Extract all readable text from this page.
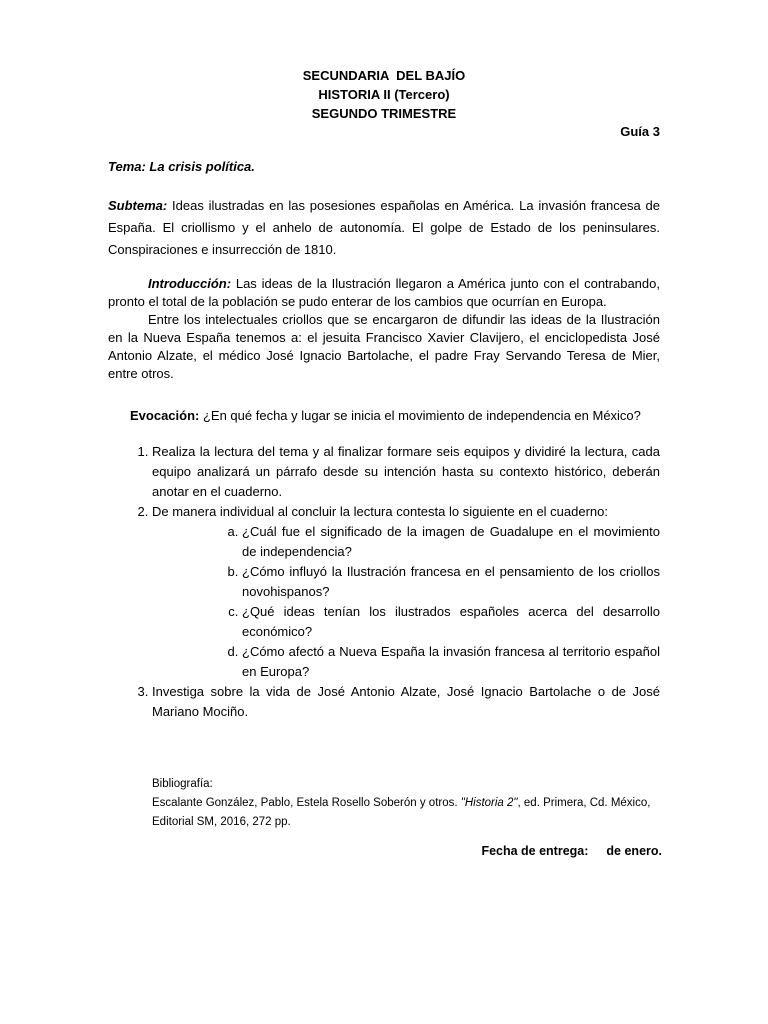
SECUNDARIA  DEL BAJÍO
HISTORIA II (Tercero)
SEGUNDO TRIMESTRE
Guía 3
Tema: La crisis política.
Subtema: Ideas ilustradas en las posesiones españolas en América. La invasión francesa de España. El criollismo y el anhelo de autonomía. El golpe de Estado de los peninsulares. Conspiraciones e insurrección de 1810.

Introducción: Las ideas de la Ilustración llegaron a América junto con el contrabando, pronto el total de la población se pudo enterar de los cambios que ocurrían en Europa.

Entre los intelectuales criollos que se encargaron de difundir las ideas de la Ilustración en la Nueva España tenemos a: el jesuita Francisco Xavier Clavijero, el enciclopedista José Antonio Alzate, el médico José Ignacio Bartolache, el padre Fray Servando Teresa de Mier, entre otros.

Evocación: ¿En qué fecha y lugar se inicia el movimiento de independencia en México?
1. Realiza la lectura del tema y al finalizar formare seis equipos y dividiré la lectura, cada equipo analizará un párrafo desde su intención hasta su contexto histórico, deberán anotar en el cuaderno.
2. De manera individual al concluir la lectura contesta lo siguiente en el cuaderno:
a. ¿Cuál fue el significado de la imagen de Guadalupe en el movimiento de independencia?
b. ¿Cómo influyó la Ilustración francesa en el pensamiento de los criollos novohispanos?
c. ¿Qué ideas tenían los ilustrados españoles acerca del desarrollo económico?
d. ¿Cómo afectó a Nueva España la invasión francesa al territorio español en Europa?
3. Investiga sobre la vida de José Antonio Alzate, José Ignacio Bartolache o de José Mariano Mociño.
Bibliografía:
Escalante González, Pablo, Estela Rosello Soberón y otros. "Historia 2", ed. Primera, Cd. México, Editorial SM, 2016, 272 pp.
Fecha de entrega: de enero.
